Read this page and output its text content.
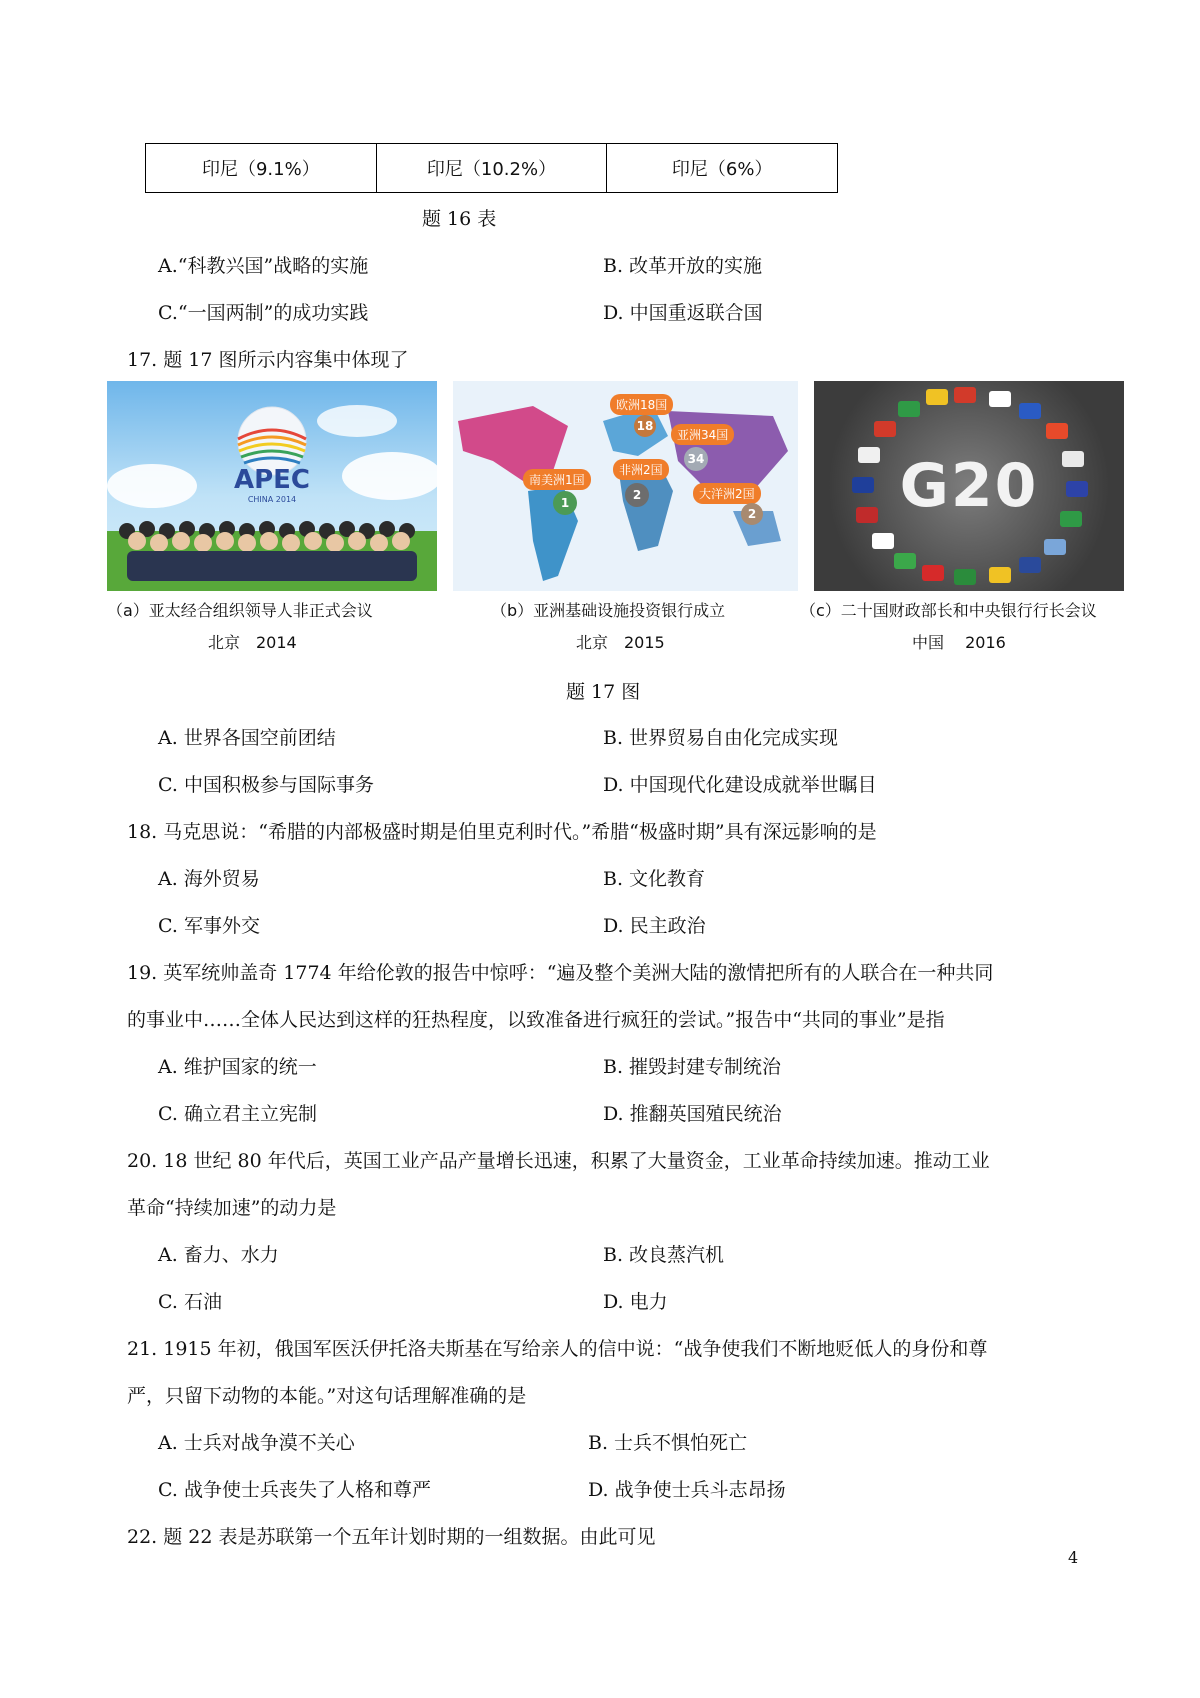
印尼（9.1%）	印尼（10.2%）	印尼（6%）
题 16 表
A.“科教兴国”战略的实施	B. 改革开放的实施
C.“一国两制”的成功实践	D. 中国重返联合国
17. 题 17 图所示内容集中体现了
APEC
CHINA 2014
欧洲18国
亚洲34国
南美洲1国
非洲2国
大洋洲2国
18
34
1
2
2 G20
（a）亚太经合组织领导人非正式会议
北京　2014
（b）亚洲基础设施投资银行成立
北京　2015
（c）二十国财政部长和中央银行行长会议
中国　 2016
题 17 图
A. 世界各国空前团结	B. 世界贸易自由化完成实现
C. 中国积极参与国际事务	D. 中国现代化建设成就举世瞩目
18. 马克思说：“希腊的内部极盛时期是伯里克利时代。”希腊“极盛时期”具有深远影响的是
A. 海外贸易	B. 文化教育
C. 军事外交	D. 民主政治
19. 英军统帅盖奇 1774 年给伦敦的报告中惊呼：“遍及整个美洲大陆的激情把所有的人联合在一种共同
的事业中……全体人民达到这样的狂热程度，以致准备进行疯狂的尝试。”报告中“共同的事业”是指
A. 维护国家的统一	B. 摧毁封建专制统治
C. 确立君主立宪制	D. 推翻英国殖民统治
20. 18 世纪 80 年代后，英国工业产品产量增长迅速，积累了大量资金，工业革命持续加速。推动工业
革命“持续加速”的动力是
A. 畜力、水力	B. 改良蒸汽机
C. 石油	D. 电力
21. 1915 年初，俄国军医沃伊托洛夫斯基在写给亲人的信中说：“战争使我们不断地贬低人的身份和尊
严，只留下动物的本能。”对这句话理解准确的是
A. 士兵对战争漠不关心	B. 士兵不惧怕死亡
C. 战争使士兵丧失了人格和尊严	D. 战争使士兵斗志昂扬
22. 题 22 表是苏联第一个五年计划时期的一组数据。由此可见
4
